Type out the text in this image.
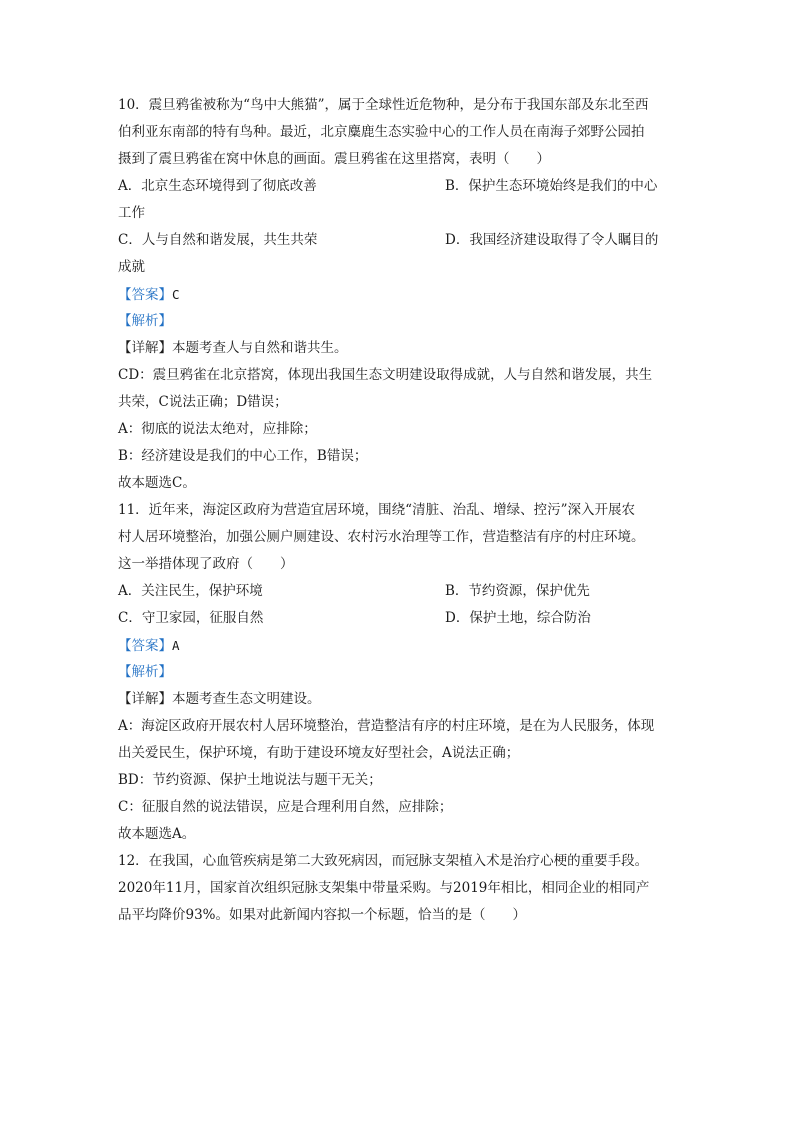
10．震旦鸦雀被称为“鸟中大熊猫”，属于全球性近危物种，是分布于我国东部及东北至西
伯利亚东南部的特有鸟种。最近，北京麋鹿生态实验中心的工作人员在南海子郊野公园拍
摄到了震旦鸦雀在窝中休息的画面。震旦鸦雀在这里搭窝，表明（　　）
A．北京生态环境得到了彻底改善	B．保护生态环境始终是我们的中心
工作
C．人与自然和谐发展，共生共荣	D．我国经济建设取得了令人瞩目的
成就
【答案】C
【解析】
【详解】本题考查人与自然和谐共生。
CD：震旦鸦雀在北京搭窝，体现出我国生态文明建设取得成就，人与自然和谐发展，共生
共荣，C说法正确；D错误；
A：彻底的说法太绝对，应排除；
B：经济建设是我们的中心工作，B错误；
故本题选C。
11．近年来，海淀区政府为营造宜居环境，围绕“清脏、治乱、增绿、控污”深入开展农
村人居环境整治，加强公厕户厕建设、农村污水治理等工作，营造整洁有序的村庄环境。
这一举措体现了政府（　　）
A．关注民生，保护环境	B．节约资源，保护优先
C．守卫家园，征服自然	D．保护土地，综合防治
【答案】A
【解析】
【详解】本题考查生态文明建设。
A：海淀区政府开展农村人居环境整治，营造整洁有序的村庄环境，是在为人民服务，体现
出关爱民生，保护环境，有助于建设环境友好型社会，A说法正确；
BD：节约资源、保护土地说法与题干无关；
C：征服自然的说法错误，应是合理利用自然，应排除；
故本题选A。
12．在我国，心血管疾病是第二大致死病因，而冠脉支架植入术是治疗心梗的重要手段。
2020年11月，国家首次组织冠脉支架集中带量采购。与2019年相比，相同企业的相同产
品平均降价93%。如果对此新闻内容拟一个标题，恰当的是（　　）
